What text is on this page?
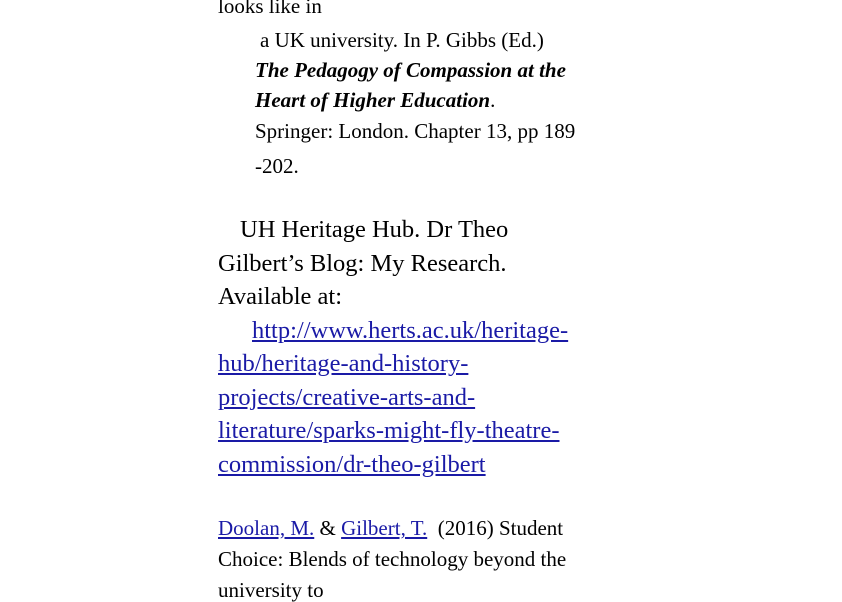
looks like in
a UK university. In P. Gibbs (Ed.)
The Pedagogy of Compassion at the
Heart of Higher Education.
Springer: London. Chapter 13, pp 189
-202.
UH Heritage Hub. Dr Theo
Gilbert’s Blog: My Research.
Available at:
http://www.herts.ac.uk/heritage-
hub/heritage-and-history-
projects/creative-arts-and-
literature/sparks-might-fly-theatre-
commission/dr-theo-gilbert
Doolan, M. & Gilbert, T.  (2016) Student
Choice: Blends of technology beyond the
university to
